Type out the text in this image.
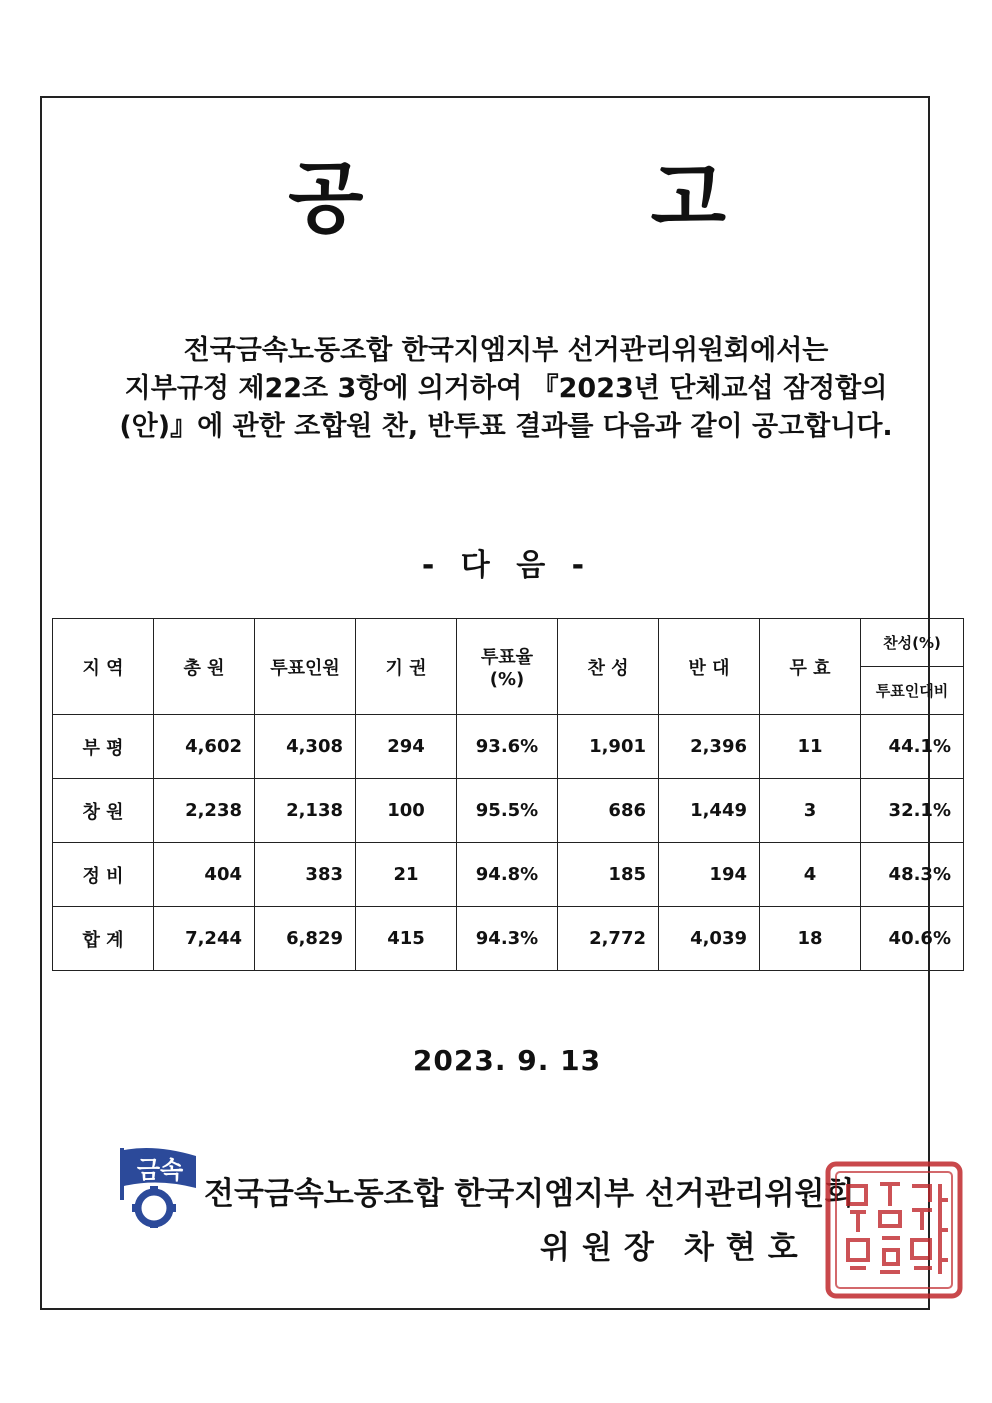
공 고
전국금속노동조합 한국지엠지부 선거관리위원회에서는
지부규정 제22조 3항에 의거하여 『2023년 단체교섭 잠정합의
(안)』에 관한 조합원 찬, 반투표 결과를 다음과 같이 공고합니다.
- 다 음 -
지 역	총 원	투표인원	기 권	투표율(%)	찬 성	반 대	무 효	찬성(%)
								투표인대비
부 평	4,602	4,308	294	93.6%	1,901	2,396	11	44.1%
창 원	2,238	2,138	100	95.5%	686	1,449	3	32.1%
정 비	404	383	21	94.8%	185	194	4	48.3%
합 계	7,244	6,829	415	94.3%	2,772	4,039	18	40.6%
2023. 9. 13
금속
전국금속노동조합 한국지엠지부 선거관리위원회
위원장 차현호
